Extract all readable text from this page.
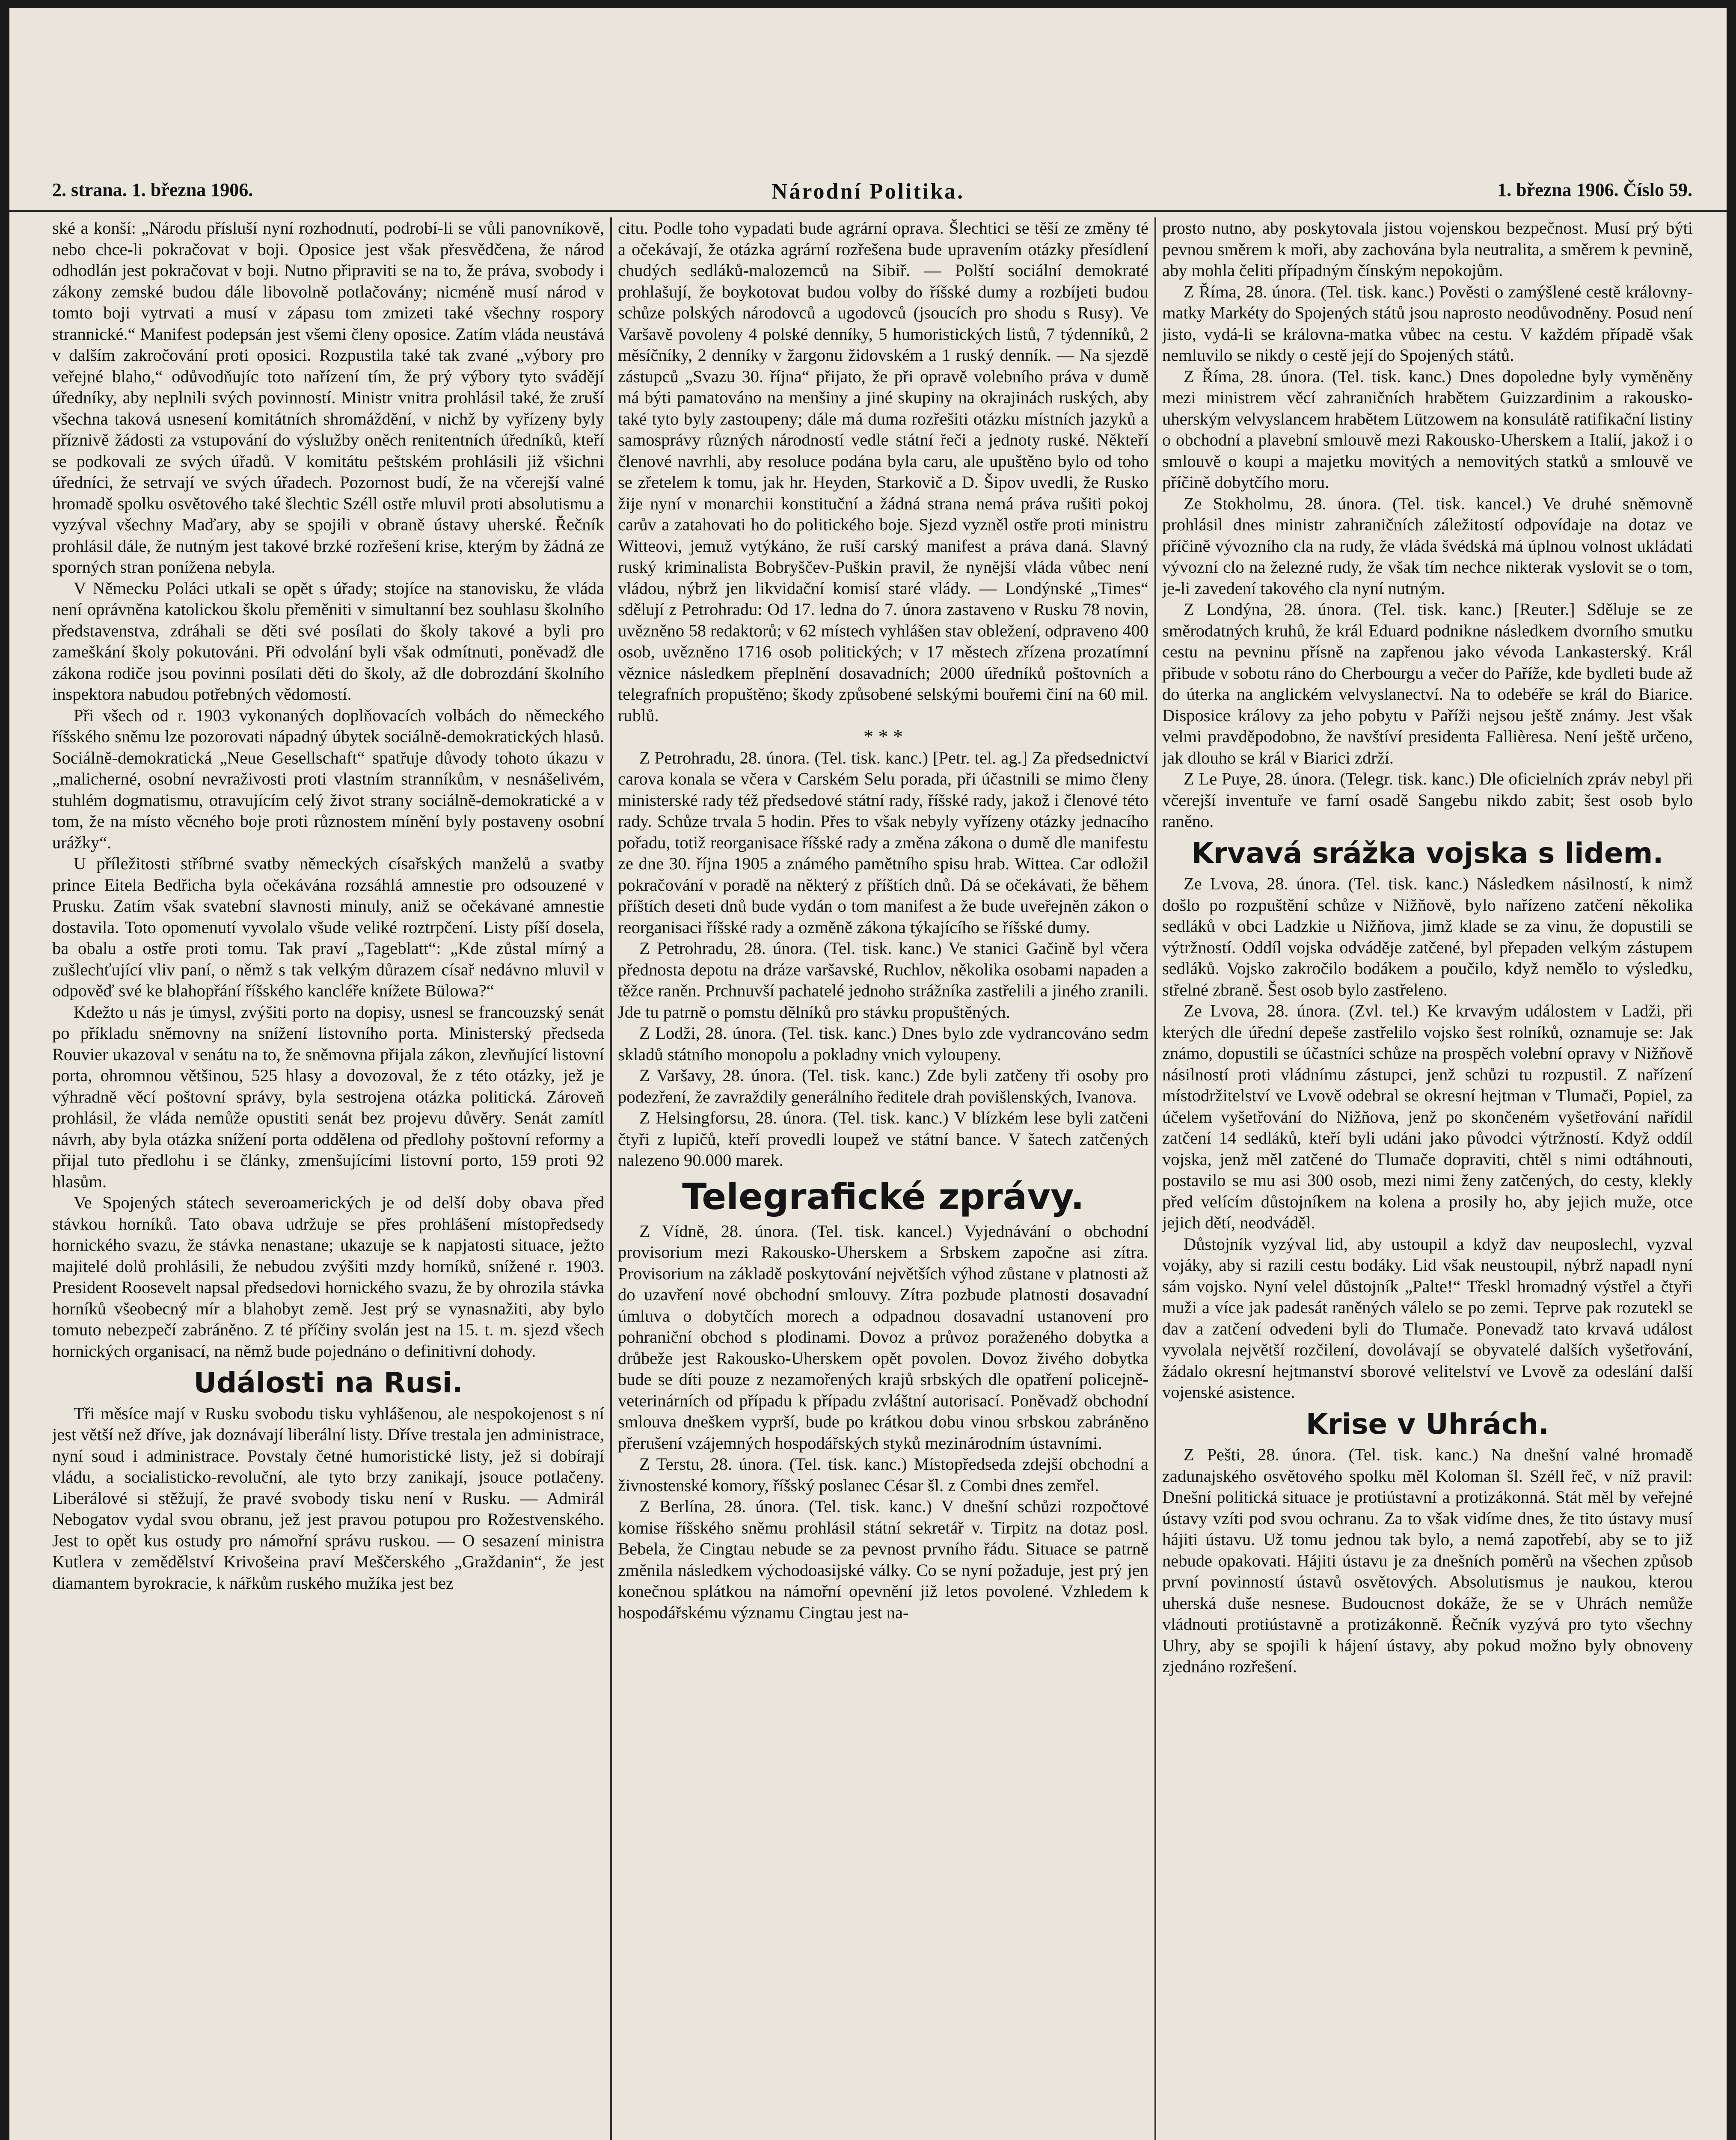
2. strana. 1. března 1906.	Národní Politika.	1. března 1906. Číslo 59.

ské a konší: „Národu přísluší nyní rozhodnutí, podrobí-li se vůli panovníkově, nebo chce-li pokračovat v boji. Oposice jest však přesvědčena, že národ odhodlán jest pokračovat v boji. Nutno připraviti se na to, že práva, svobody i zákony zemské budou dále libovolně potlačovány; nicméně musí národ v tomto boji vytrvati a musí v zápasu tom zmizeti také všechny rospory strannické.“ Manifest podepsán jest všemi členy oposice. Zatím vláda neustává v dalším zakročování proti oposici. Rozpustila také tak zvané „výbory pro veřejné blaho,“ odůvodňujíc toto nařízení tím, že prý výbory tyto svádějí úředníky, aby neplnili svých povinností. Ministr vnitra prohlásil také, že zruší všechna taková usnesení komitátních shromáždění, v nichž by vyřízeny byly příznivě žádosti za vstupování do výslužby oněch renitentních úředníků, kteří se podkovali ze svých úřadů. V komitátu peštském prohlásili již všichni úředníci, že setrvají ve svých úřadech. Pozornost budí, že na včerejší valné hromadě spolku osvětového také šlechtic Széll ostře mluvil proti absolutismu a vyzýval všechny Maďary, aby se spojili v obraně ústavy uherské. Řečník prohlásil dále, že nutným jest takové brzké rozřešení krise, kterým by žádná ze sporných stran ponížena nebyla.

V Německu Poláci utkali se opět s úřady; stojíce na stanovisku, že vláda není oprávněna katolickou školu přeměniti v simultanní bez souhlasu školního představenstva, zdráhali se děti své posílati do školy takové a byli pro zameškání školy pokutováni. Při odvolání byli však odmítnuti, poněvadž dle zákona rodiče jsou povinni posílati děti do školy, až dle dobrozdání školního inspektora nabudou potřebných vědomostí.

Při všech od r. 1903 vykonaných doplňovacích volbách do německého říšského sněmu lze pozorovati nápadný úbytek sociálně-demokratických hlasů. Sociálně-demokratická „Neue Gesellschaft“ spatřuje důvody tohoto úkazu v „malicherné, osobní nevraživosti proti vlastním stranníkům, v nesnášelivém, stuhlém dogmatismu, otravujícím celý život strany sociálně-demokratické a v tom, že na místo věcného boje proti různostem mínění byly postaveny osobní urážky“.

U příležitosti stříbrné svatby německých císařských manželů a svatby prince Eitela Bedřicha byla očekávána rozsáhlá amnestie pro odsouzené v Prusku. Zatím však svatební slavnosti minuly, aniž se očekávané amnestie dostavila. Toto opomenutí vyvolalo všude veliké roztrpčení. Listy píší dosela, ba obalu a ostře proti tomu. Tak praví „Tageblatt“: „Kde zůstal mírný a zušlechťující vliv paní, o němž s tak velkým důrazem císař nedávno mluvil v odpověď své ke blahopřání říšského kancléře knížete Bülowa?“

Kdežto u nás je úmysl, zvýšiti porto na dopisy, usnesl se francouzský senát po příkladu sněmovny na snížení listovního porta. Ministerský předseda Rouvier ukazoval v senátu na to, že sněmovna přijala zákon, zlevňující listovní porta, ohromnou většinou, 525 hlasy a dovozoval, že z této otázky, jež je výhradně věcí poštovní správy, byla sestrojena otázka politická. Zároveň prohlásil, že vláda nemůže opustiti senát bez projevu důvěry. Senát zamítl návrh, aby byla otázka snížení porta oddělena od předlohy poštovní reformy a přijal tuto předlohu i se články, zmenšujícími listovní porto, 159 proti 92 hlasům.

Ve Spojených státech severoamerických je od delší doby obava před stávkou horníků. Tato obava udržuje se přes prohlášení místopředsedy hornického svazu, že stávka nenastane; ukazuje se k napjatosti situace, ježto majitelé dolů prohlásili, že nebudou zvýšiti mzdy horníků, snížené r. 1903. President Roosevelt napsal předsedovi hornického svazu, že by ohrozila stávka horníků všeobecný mír a blahobyt země. Jest prý se vynasnažiti, aby bylo tomuto nebezpečí zabráněno. Z té příčiny svolán jest na 15. t. m. sjezd všech hornických organisací, na němž bude pojednáno o definitivní dohody.

Události na Rusi.

Tři měsíce mají v Rusku svobodu tisku vyhlášenou, ale nespokojenost s ní jest větší než dříve, jak doznávají liberální listy. Dříve trestala jen administrace, nyní soud i administrace. Povstaly četné humoristické listy, jež si dobírají vládu, a socialisticko-revoluční, ale tyto brzy zanikají, jsouce potlačeny. Liberálové si stěžují, že pravé svobody tisku není v Rusku. — Admirál Nebogatov vydal svou obranu, jež jest pravou potupou pro Rožestvenského. Jest to opět kus ostudy pro námořní správu ruskou. — O sesazení ministra Kutlera v zemědělství Krivošeina praví Meščerského „Graždanin“, že jest diamantem byrokracie, k nářkům ruského mužíka jest bez

citu. Podle toho vypadati bude agrární oprava. Šlechtici se těší ze změny té a očekávají, že otázka agrární rozřešena bude upravením otázky přesídlení chudých sedláků-malozemců na Sibiř. — Polští sociální demokraté prohlašují, že boykotovat budou volby do říšské dumy a rozbíjeti budou schůze polských národovců a ugodovců (jsoucích pro shodu s Rusy). Ve Varšavě povoleny 4 polské denníky, 5 humoristických listů, 7 týdenníků, 2 měsíčníky, 2 denníky v žargonu židovském a 1 ruský denník. — Na sjezdě zástupců „Svazu 30. října“ přijato, že při opravě volebního práva v dumě má býti pamatováno na menšiny a jiné skupiny na okrajinách ruských, aby také tyto byly zastoupeny; dále má duma rozřešiti otázku místních jazyků a samosprávy různých národností vedle státní řeči a jednoty ruské. Někteří členové navrhli, aby resoluce podána byla caru, ale upuštěno bylo od toho se zřetelem k tomu, jak hr. Heyden, Starkovič a D. Šipov uvedli, že Rusko žije nyní v monarchii konstituční a žádná strana nemá práva rušiti pokoj carův a zatahovati ho do politického boje. Sjezd vyzněl ostře proti ministru Witteovi, jemuž vytýkáno, že ruší carský manifest a práva daná. Slavný ruský kriminalista Bobryščev-Puškin pravil, že nynější vláda vůbec není vládou, nýbrž jen likvidační komisí staré vlády. — Londýnské „Times“ sdělují z Petrohradu: Od 17. ledna do 7. února zastaveno v Rusku 78 novin, uvězněno 58 redaktorů; v 62 místech vyhlášen stav obležení, odpraveno 400 osob, uvězněno 1716 osob politických; v 17 městech zřízena prozatímní věznice následkem přeplnění dosavadních; 2000 úředníků poštovních a telegrafních propuštěno; škody způsobené selskými bouřemi činí na 60 mil. rublů.

* * *

Z Petrohradu, 28. února. (Tel. tisk. kanc.) [Petr. tel. ag.] Za předsednictví carova konala se včera v Carském Selu porada, při účastnili se mimo členy ministerské rady též předsedové státní rady, říšské rady, jakož i členové této rady. Schůze trvala 5 hodin. Přes to však nebyly vyřízeny otázky jednacího pořadu, totiž reorganisace říšské rady a změna zákona o dumě dle manifestu ze dne 30. října 1905 a známého pamětního spisu hrab. Wittea. Car odložil pokračování v poradě na některý z příštích dnů. Dá se očekávati, že během příštích deseti dnů bude vydán o tom manifest a že bude uveřejněn zákon o reorganisaci říšské rady a ozměně zákona týkajícího se říšské dumy.

Z Petrohradu, 28. února. (Tel. tisk. kanc.) Ve stanici Gačině byl včera přednosta depotu na dráze varšavské, Ruchlov, několika osobami napaden a těžce raněn. Prchnuvší pachatelé jednoho strážníka zastřelili a jiného zranili. Jde tu patrně o pomstu dělníků pro stávku propuštěných.

Z Lodži, 28. února. (Tel. tisk. kanc.) Dnes bylo zde vydrancováno sedm skladů státního monopolu a pokladny vnich vyloupeny.

Z Varšavy, 28. února. (Tel. tisk. kanc.) Zde byli zatčeny tři osoby pro podezření, že zavraždily generálního ředitele drah povišlenských, Ivanova.

Z Helsingforsu, 28. února. (Tel. tisk. kanc.) V blízkém lese byli zatčeni čtyři z lupičů, kteří provedli loupež ve státní bance. V šatech zatčených nalezeno 90.000 marek.

Telegrafické zprávy.

Z Vídně, 28. února. (Tel. tisk. kancel.) Vyjednávání o obchodní provisorium mezi Rakousko-Uherskem a Srbskem započne asi zítra. Provisorium na základě poskytování největších výhod zůstane v platnosti až do uzavření nové obchodní smlouvy. Zítra pozbude platnosti dosavadní úmluva o dobytčích morech a odpadnou dosavadní ustanovení pro pohraniční obchod s plodinami. Dovoz a průvoz poraženého dobytka a drůbeže jest Rakousko-Uherskem opět povolen. Dovoz živého dobytka bude se díti pouze z nezamořených krajů srbských dle opatření policejně-veterinárních od případu k případu zvláštní autorisací. Poněvadž obchodní smlouva dneškem vyprší, bude po krátkou dobu vinou srbskou zabráněno přerušení vzájemných hospodářských styků mezinárodním ústavními.

Z Terstu, 28. února. (Tel. tisk. kanc.) Místopředseda zdejší obchodní a živnostenské komory, říšský poslanec César šl. z Combi dnes zemřel.

Z Berlína, 28. února. (Tel. tisk. kanc.) V dnešní schůzi rozpočtové komise říšského sněmu prohlásil státní sekretář v. Tirpitz na dotaz posl. Bebela, že Cingtau nebude se za pevnost prvního řádu. Situace se patrně změnila následkem východoasijské války. Co se nyní požaduje, jest prý jen konečnou splátkou na námořní opevnění již letos povolené. Vzhledem k hospodářskému významu Cingtau jest na-

prosto nutno, aby poskytovala jistou vojenskou bezpečnost. Musí prý býti pevnou směrem k moři, aby zachována byla neutralita, a směrem k pevnině, aby mohla čeliti případným čínským nepokojům.

Z Říma, 28. února. (Tel. tisk. kanc.) Pověsti o zamýšlené cestě královny-matky Markéty do Spojených států jsou naprosto neodůvodněny. Posud není jisto, vydá-li se královna-matka vůbec na cestu. V každém případě však nemluvilo se nikdy o cestě její do Spojených států.

Z Říma, 28. února. (Tel. tisk. kanc.) Dnes dopoledne byly vyměněny mezi ministrem věcí zahraničních hrabětem Guizzardinim a rakousko-uherským velvyslancem hrabětem Lützowem na konsulátě ratifikační listiny o obchodní a plavební smlouvě mezi Rakousko-Uherskem a Italií, jakož i o smlouvě o koupi a majetku movitých a nemovitých statků a smlouvě ve příčině dobytčího moru.

Ze Stokholmu, 28. února. (Tel. tisk. kancel.) Ve druhé sněmovně prohlásil dnes ministr zahraničních záležitostí odpovídaje na dotaz ve příčině vývozního cla na rudy, že vláda švédská má úplnou volnost ukládati vývozní clo na železné rudy, že však tím nechce nikterak vyslovit se o tom, je-li zavedení takového cla nyní nutným.

Z Londýna, 28. února. (Tel. tisk. kanc.) [Reuter.] Sděluje se ze směrodatných kruhů, že král Eduard podnikne následkem dvorního smutku cestu na pevninu přísně na zapřenou jako vévoda Lankasterský. Král přibude v sobotu ráno do Cherbourgu a večer do Paříže, kde bydleti bude až do úterka na anglickém velvyslanectví. Na to odebéře se král do Biarice. Disposice královy za jeho pobytu v Paříži nejsou ještě známy. Jest však velmi pravděpodobno, že navštíví presidenta Fallièresa. Není ještě určeno, jak dlouho se král v Biarici zdrží.

Z Le Puye, 28. února. (Telegr. tisk. kanc.) Dle oficielních zpráv nebyl při včerejší inventuře ve farní osadě Sangebu nikdo zabit; šest osob bylo raněno.

Krvavá srážka vojska s lidem.

Ze Lvova, 28. února. (Tel. tisk. kanc.) Následkem násilností, k nimž došlo po rozpuštění schůze v Nižňově, bylo nařízeno zatčení několika sedláků v obci Ladzkie u Nižňova, jimž klade se za vinu, že dopustili se výtržností. Oddíl vojska odváděje zatčené, byl přepaden velkým zástupem sedláků. Vojsko zakročilo bodákem a poučilo, když nemělo to výsledku, střelné zbraně. Šest osob bylo zastřeleno.

Ze Lvova, 28. února. (Zvl. tel.) Ke krvavým událostem v Ladži, při kterých dle úřední depeše zastřelilo vojsko šest rolníků, oznamuje se: Jak známo, dopustili se účastníci schůze na prospěch volební opravy v Nižňově násilností proti vládnímu zástupci, jenž schůzi tu rozpustil. Z nařízení místodržitelství ve Lvově odebral se okresní hejtman v Tlumači, Popiel, za účelem vyšetřování do Nižňova, jenž po skončeném vyšetřování nařídil zatčení 14 sedláků, kteří byli udáni jako původci výtržností. Když oddíl vojska, jenž měl zatčené do Tlumače dopraviti, chtěl s nimi odtáhnouti, postavilo se mu asi 300 osob, mezi nimi ženy zatčených, do cesty, klekly před velícím důstojníkem na kolena a prosily ho, aby jejich muže, otce jejich dětí, neodváděl.

Důstojník vyzýval lid, aby ustoupil a když dav neuposlechl, vyzval vojáky, aby si razili cestu bodáky. Lid však neustoupil, nýbrž napadl nyní sám vojsko. Nyní velel důstojník „Palte!“ Třeskl hromadný výstřel a čtyři muži a více jak padesát raněných válelo se po zemi. Teprve pak rozutekl se dav a zatčení odvedeni byli do Tlumače. Ponevadž tato krvavá událost vyvolala největší rozčilení, dovolávají se obyvatelé dalších vyšetřování, žádalo okresní hejtmanství sborové velitelství ve Lvově za odeslání další vojenské asistence.

Krise v Uhrách.

Z Pešti, 28. února. (Tel. tisk. kanc.) Na dnešní valné hromadě zadunajského osvětového spolku měl Koloman šl. Széll řeč, v níž pravil: Dnešní politická situace je protiústavní a protizákonná. Stát měl by veřejné ústavy vzíti pod svou ochranu. Za to však vidíme dnes, že tito ústavy musí hájiti ústavu. Už tomu jednou tak bylo, a nemá zapotřebí, aby se to již nebude opakovati. Hájiti ústavu je za dnešních poměrů na všechen způsob první povinností ústavů osvětových. Absolutismus je naukou, kterou uherská duše nesnese. Budoucnost dokáže, že se v Uhrách nemůže vládnouti protiústavně a protizákonně. Řečník vyzývá pro tyto všechny Uhry, aby se spojili k hájení ústavy, aby pokud možno byly obnoveny zjednáno rozřešení.
